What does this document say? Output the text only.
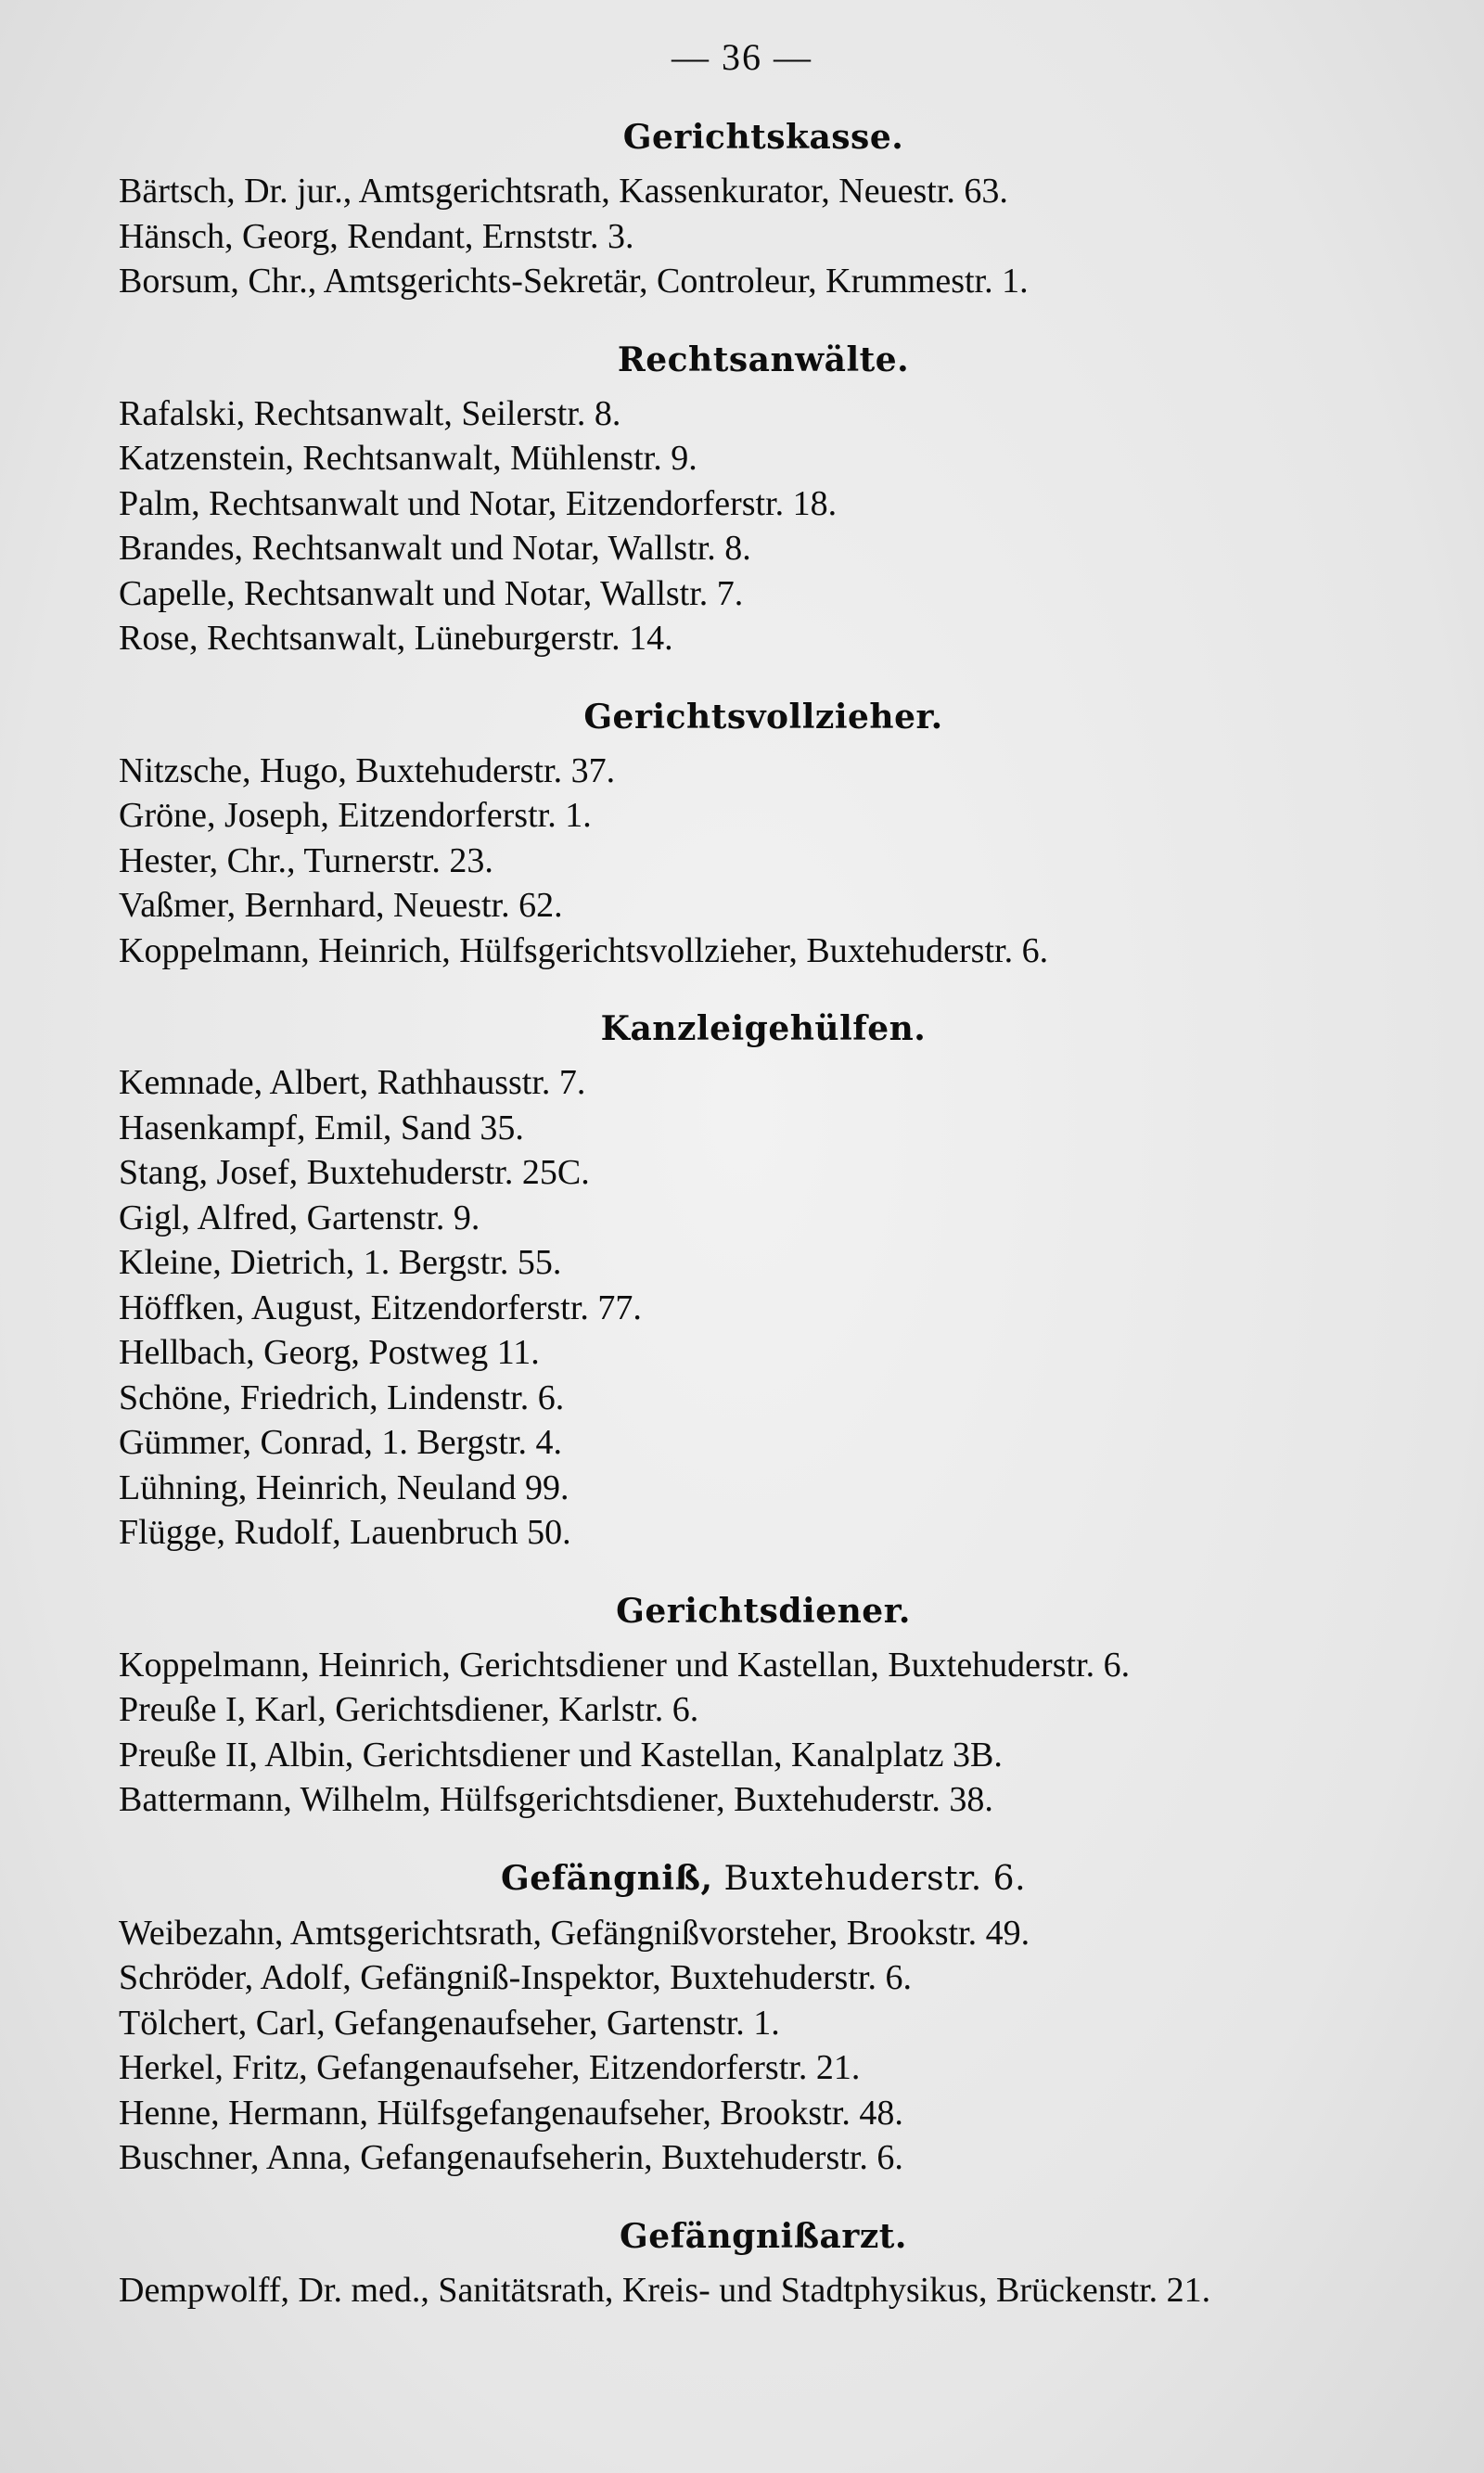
— 36 —
Gerichtskasse.
Bärtsch, Dr. jur., Amtsgerichtsrath, Kassenkurator, Neuestr. 63.
Hänsch, Georg, Rendant, Ernststr. 3.
Borsum, Chr., Amtsgerichts-Sekretär, Controleur, Krummestr. 1.
Rechtsanwälte.
Rafalski, Rechtsanwalt, Seilerstr. 8.
Katzenstein, Rechtsanwalt, Mühlenstr. 9.
Palm, Rechtsanwalt und Notar, Eitzendorferstr. 18.
Brandes, Rechtsanwalt und Notar, Wallstr. 8.
Capelle, Rechtsanwalt und Notar, Wallstr. 7.
Rose, Rechtsanwalt, Lüneburgerstr. 14.
Gerichtsvollzieher.
Nitzsche, Hugo, Buxtehuderstr. 37.
Gröne, Joseph, Eitzendorferstr. 1.
Hester, Chr., Turnerstr. 23.
Vaßmer, Bernhard, Neuestr. 62.
Koppelmann, Heinrich, Hülfsgerichtsvollzieher, Buxtehuderstr. 6.
Kanzleigehülfen.
Kemnade, Albert, Rathhausstr. 7.
Hasenkampf, Emil, Sand 35.
Stang, Josef, Buxtehuderstr. 25C.
Gigl, Alfred, Gartenstr. 9.
Kleine, Dietrich, 1. Bergstr. 55.
Höffken, August, Eitzendorferstr. 77.
Hellbach, Georg, Postweg 11.
Schöne, Friedrich, Lindenstr. 6.
Gümmer, Conrad, 1. Bergstr. 4.
Lühning, Heinrich, Neuland 99.
Flügge, Rudolf, Lauenbruch 50.
Gerichtsdiener.
Koppelmann, Heinrich, Gerichtsdiener und Kastellan, Buxtehuderstr. 6.
Preuße I, Karl, Gerichtsdiener, Karlstr. 6.
Preuße II, Albin, Gerichtsdiener und Kastellan, Kanalplatz 3B.
Battermann, Wilhelm, Hülfsgerichtsdiener, Buxtehuderstr. 38.
Gefängniß, Buxtehuderstr. 6.
Weibezahn, Amtsgerichtsrath, Gefängnißvorsteher, Brookstr. 49.
Schröder, Adolf, Gefängniß-Inspektor, Buxtehuderstr. 6.
Tölchert, Carl, Gefangenaufseher, Gartenstr. 1.
Herkel, Fritz, Gefangenaufseher, Eitzendorferstr. 21.
Henne, Hermann, Hülfsgefangenaufseher, Brookstr. 48.
Buschner, Anna, Gefangenaufseherin, Buxtehuderstr. 6.
Gefängnißarzt.
Dempwolff, Dr. med., Sanitätsrath, Kreis- und Stadtphysikus, Brückenstr. 21.
